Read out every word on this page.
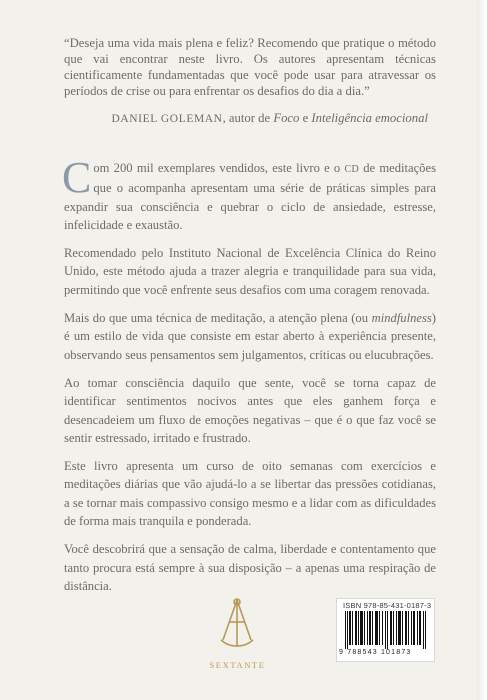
“Deseja uma vida mais plena e feliz? Recomendo que pratique o método que vai encontrar neste livro. Os autores apresentam técnicas cientificamente fundamentadas que você pode usar para atravessar os períodos de crise ou para enfrentar os desafios do dia a dia.”

DANIEL GOLEMAN, autor de Foco e Inteligência emocional

Com 200 mil exemplares vendidos, este livro e o CD de meditações que o acompanha apresentam uma série de práticas simples para expandir sua consciência e quebrar o ciclo de ansiedade, estresse, infelicidade e exaustão.

Recomendado pelo Instituto Nacional de Excelência Clínica do Reino Unido, este método ajuda a trazer alegria e tranquilidade para sua vida, permitindo que você enfrente seus desafios com uma coragem renovada.

Mais do que uma técnica de meditação, a atenção plena (ou mindfulness) é um estilo de vida que consiste em estar aberto à experiência presente, observando seus pensamentos sem julgamentos, críticas ou elucubrações.

Ao tomar consciência daquilo que sente, você se torna capaz de identificar sentimentos nocivos antes que eles ganhem força e desencadeiem um fluxo de emoções negativas – que é o que faz você se sentir estressado, irritado e frustrado.

Este livro apresenta um curso de oito semanas com exercícios e meditações diárias que vão ajudá-lo a se libertar das pressões cotidianas, a se tornar mais compassivo consigo mesmo e a lidar com as dificuldades de forma mais tranquila e ponderada.

Você descobrirá que a sensação de calma, liberdade e contentamento que tanto procura está sempre à sua disposição – a apenas uma respiração de distância.

SEXTANTE
ISBN 978-85-431-0187-3
9 788543 101873
